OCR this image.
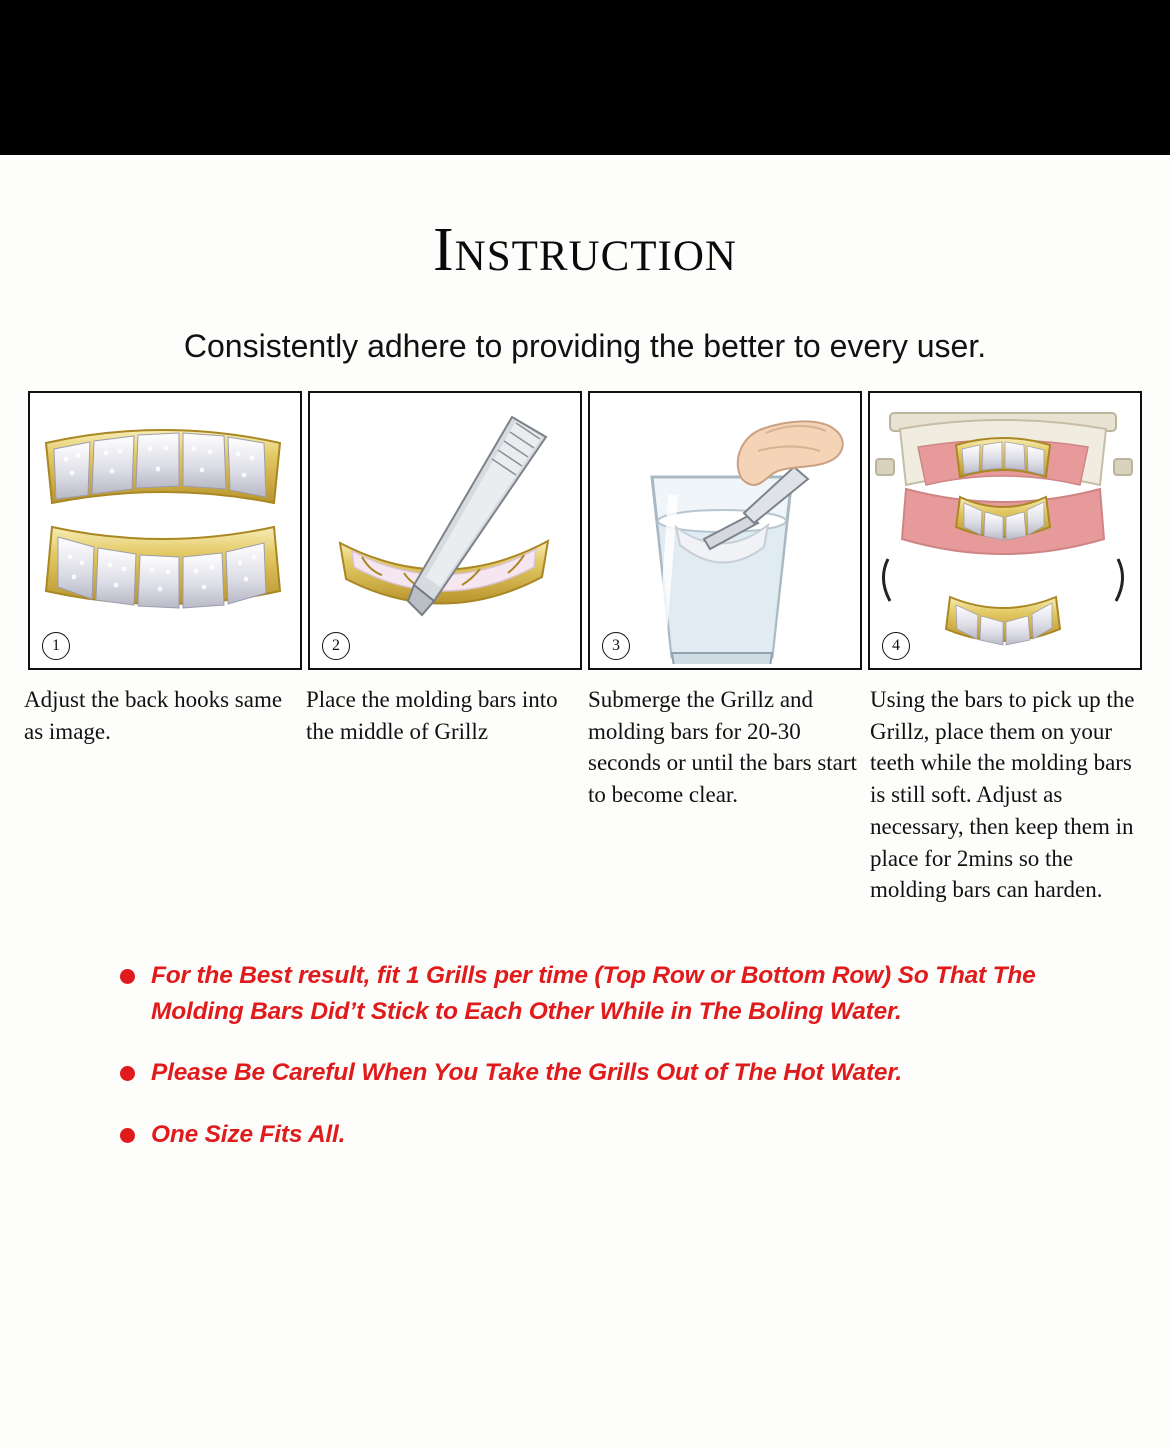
Instruction
Consistently adhere to providing the better to every user.
1	2	3	4
Adjust the back hooks same as image.
Place the molding bars into the middle of Grillz
Submerge the Grillz and molding bars for 20-30 seconds or until the bars start to become clear.
Using the bars to pick up the Grillz, place them on your teeth while the molding bars is still soft. Adjust as necessary, then keep them in place for 2mins so the molding bars can harden.
For the Best result, fit 1 Grills per time (Top Row or Bottom Row) So That The Molding Bars Did’t Stick to Each Other While in The Boling Water.
Please Be Careful When You Take the Grills Out of The Hot Water.
One Size Fits All.
